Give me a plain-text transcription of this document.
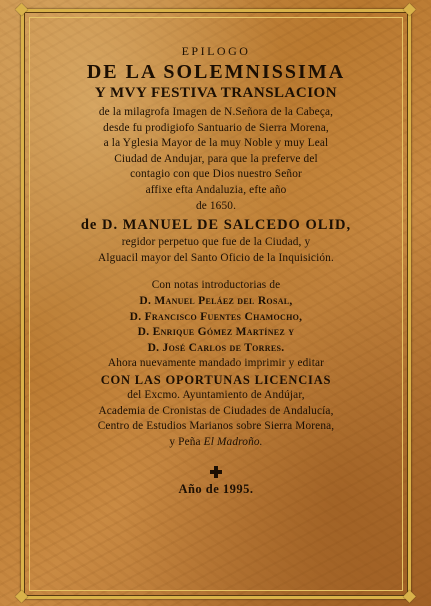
EPILOGO
DE LA SOLEMNISSIMA
Y MVY FESTIVA TRANSLACION
de la milagrofa Imagen de N.Señora de la Cabeça,
desde fu prodigiofo Santuario de Sierra Morena,
a la Yglesia Mayor de la muy Noble y muy Leal
Ciudad de Andujar, para que la preferve del
contagio con que Dios nuestro Señor
affixe efta Andaluzia, efte año
de 1650.
de D. MANUEL DE SALCEDO OLID,
regidor perpetuo que fue de la Ciudad, y
Alguacil mayor del Santo Oficio de la Inquisición.
Con notas introductorias de
D. Manuel Peláez del Rosal,
D. Francisco Fuentes Chamocho,
D. Enrique Gómez Martínez y
D. José Carlos de Torres.
Ahora nuevamente mandado imprimir y editar
CON LAS OPORTUNAS LICENCIAS
del Excmo. Ayuntamiento de Andújar,
Academia de Cronistas de Ciudades de Andalucía,
Centro de Estudios Marianos sobre Sierra Morena,
y Peña El Madroño.
Año de 1995.
